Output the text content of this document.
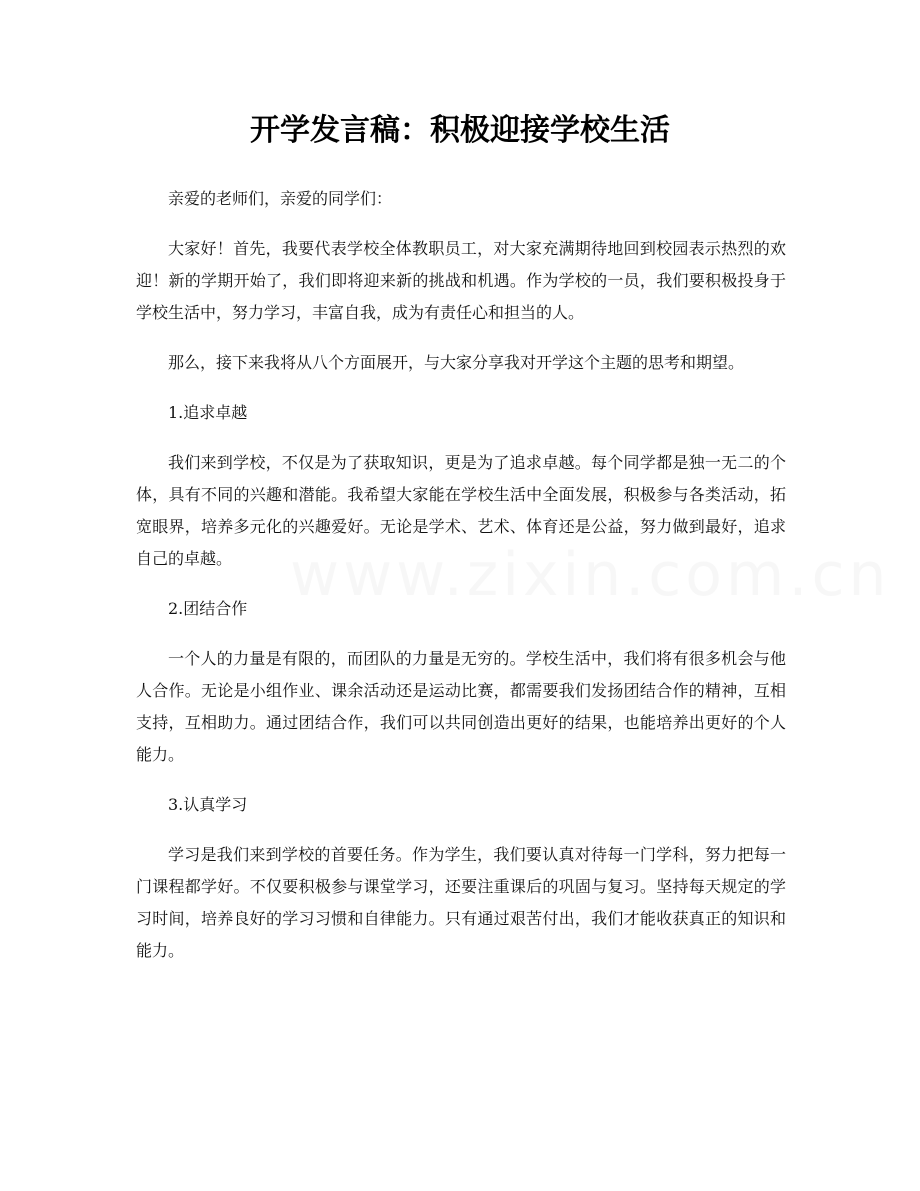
www.zixin.com.cn
开学发言稿：积极迎接学校生活

亲爱的老师们，亲爱的同学们：

大家好！首先，我要代表学校全体教职员工，对大家充满期待地回到校园表示热烈的欢迎！新的学期开始了，我们即将迎来新的挑战和机遇。作为学校的一员，我们要积极投身于学校生活中，努力学习，丰富自我，成为有责任心和担当的人。

那么，接下来我将从八个方面展开，与大家分享我对开学这个主题的思考和期望。

1.追求卓越

我们来到学校，不仅是为了获取知识，更是为了追求卓越。每个同学都是独一无二的个体，具有不同的兴趣和潜能。我希望大家能在学校生活中全面发展，积极参与各类活动，拓宽眼界，培养多元化的兴趣爱好。无论是学术、艺术、体育还是公益，努力做到最好，追求自己的卓越。

2.团结合作

一个人的力量是有限的，而团队的力量是无穷的。学校生活中，我们将有很多机会与他人合作。无论是小组作业、课余活动还是运动比赛，都需要我们发扬团结合作的精神，互相支持，互相助力。通过团结合作，我们可以共同创造出更好的结果，也能培养出更好的个人能力。

3.认真学习

学习是我们来到学校的首要任务。作为学生，我们要认真对待每一门学科，努力把每一门课程都学好。不仅要积极参与课堂学习，还要注重课后的巩固与复习。坚持每天规定的学习时间，培养良好的学习习惯和自律能力。只有通过艰苦付出，我们才能收获真正的知识和能力。
